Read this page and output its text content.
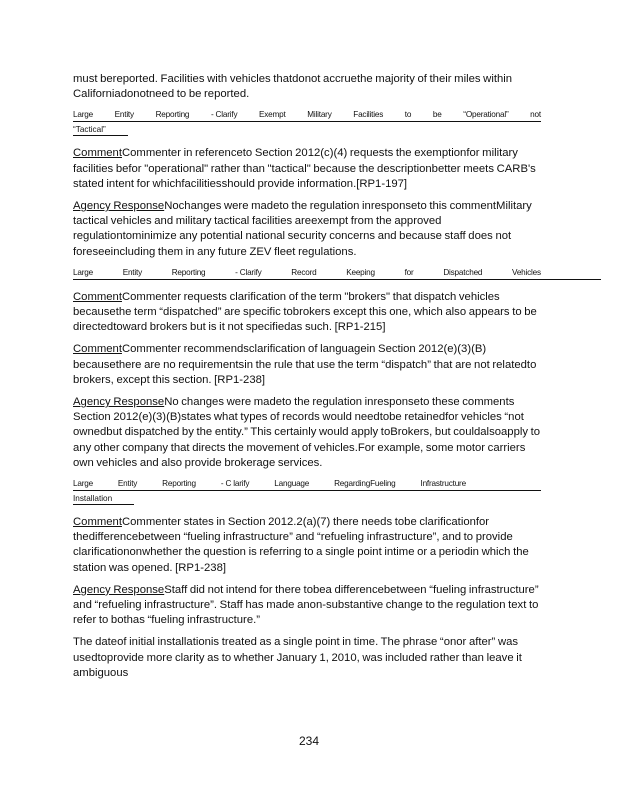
must bereported. Facilities with vehicles thatdonot accruethe majority of their miles within Californiadonotneed to be reported.

Large	Entity	Reporting	- Clarify	Exempt	Military	Facilities	to	be	“Operational”	not
“Tactical”

CommentCommenter in referenceto Section 2012(c)(4) requests the exemptionfor military facilities befor "operational" rather than "tactical" because the descriptionbetter meets CARB's stated intent for whichfacilitiesshould provide information.[RP1-197]

Agency ResponseNochanges were madeto the regulation inresponseto this commentMilitary tactical vehicles and military tactical facilities areexempt from the approved regulationtominimize any potential national security concerns and because staff does not foreseeincluding them in any future ZEV fleet regulations.

Large	Entity	Reporting	- Clarify	Record	Keeping	for	Dispatched	Vehicles

CommentCommenter requests clarification of the term "brokers" that dispatch vehicles becausethe term “dispatched” are specific tobrokers except this one, which also appears to be directedtoward brokers but is it not specifiedas such. [RP1-215]

CommentCommenter recommendsclarification of languagein Section 2012(e)(3)(B) becausethere are no requirementsin the rule that use the term “dispatch” that are not relatedto brokers, except this section. [RP1-238]

Agency ResponseNo changes were madeto the regulation inresponseto these comments Section 2012(e)(3)(B)states what types of records would needtobe retainedfor vehicles “not ownedbut dispatched by the entity.” This certainly would apply toBrokers, but couldalsoapply to any other company that directs the movement of vehicles.For example, some motor carriers own vehicles and also provide brokerage services.

Large	Entity	Reporting	- C larify	Language	RegardingFueling	Infrastructure
Installation

CommentCommenter states in Section 2012.2(a)(7) there needs tobe clarificationfor thedifferencebetween “fueling infrastructure” and “refueling infrastructure”, and to provide clarificationonwhether the question is referring to a single point intime or a periodin which the station was opened. [RP1-238]

Agency ResponseStaff did not intend for there tobea differencebetween “fueling infrastructure” and “refueling infrastructure”. Staff has made anon-substantive change to the regulation text to refer to bothas “fueling infrastructure.”

The dateof initial installationis treated as a single point in time. The phrase “onor after” was usedtoprovide more clarity as to whether January 1, 2010, was included rather than leave it ambiguous

234
